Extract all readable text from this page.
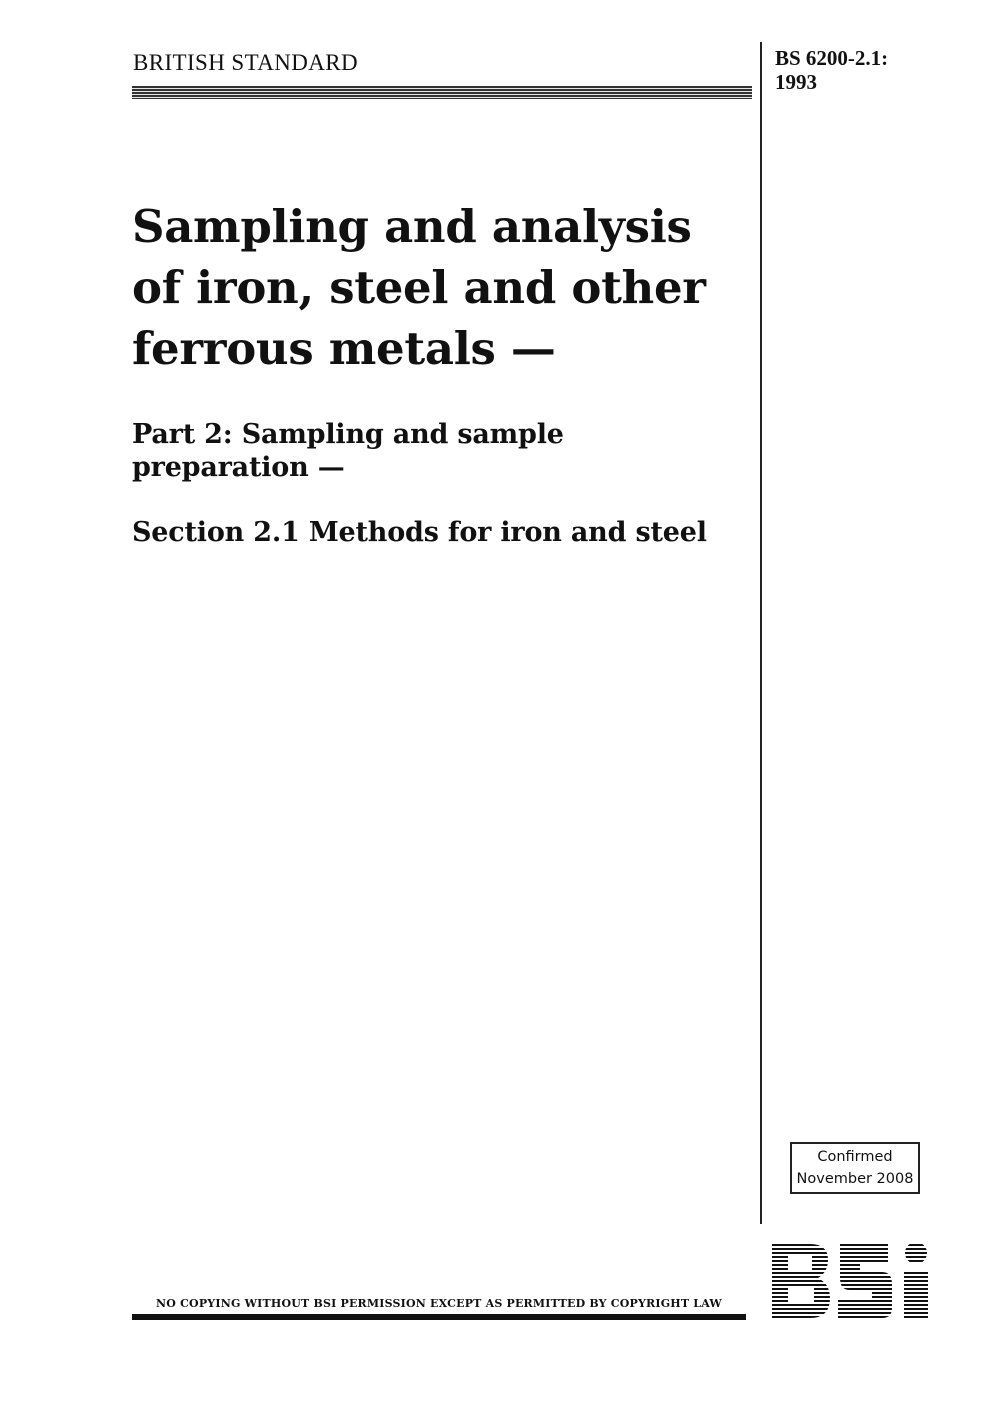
BRITISH STANDARD	BS 6200-2.1:
1993
Sampling and analysis
of iron, steel and other
ferrous metals —
Part 2: Sampling and sample
preparation —
Section 2.1 Methods for iron and steel
Confirmed
November 2008
NO COPYING WITHOUT BSI PERMISSION EXCEPT AS PERMITTED BY COPYRIGHT LAW
